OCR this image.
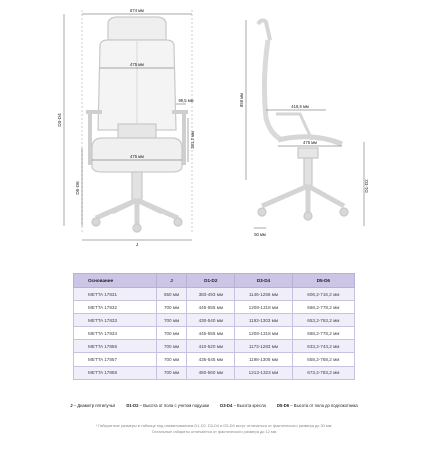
674 мм
475 мм
99,5 мм
475 мм
381,2 мм
D3-D4
D5-D6
J
858 мм	418,5 мм
475 мм
D1-D2
50 мм
Основание	J	D1-D2	D3-D4	D5-D6
METTA 17831	650 мм	383-493 мм	1146-1256 мм	606,2-716,2 мм
METTA 17832	700 мм	445-555 мм	1208-1318 мм	668,2-778,2 мм
METTA 17833	700 мм	430-540 мм	1193-1303 мм	653,2-763,2 мм
METTA 17834	700 мм	445-555 мм	1208-1318 мм	668,2-778,2 мм
METTA 17856	700 мм	410-520 мм	1173-1283 мм	633,2-743,2 мм
METTA 17857	700 мм	435-545 мм	1198-1308 мм	658,2-768,2 мм
METTA 17858	700 мм	450-560 мм	1213-1323 мм	673,2-783,2 мм
J – Диаметр пятилучья	D1-D2 – Высота от пола с учетом подушки	D3-D4 – Высота кресла	D5-D6 – Высота от пола до подлокотника
* Габаритные размеры в таблице под наименованием D1-D2, D3-D4 и D5-D6 могут отличаться от фактического размера до 30 мм.
Остальные габариты отличаются от фактического размера до 12 мм
